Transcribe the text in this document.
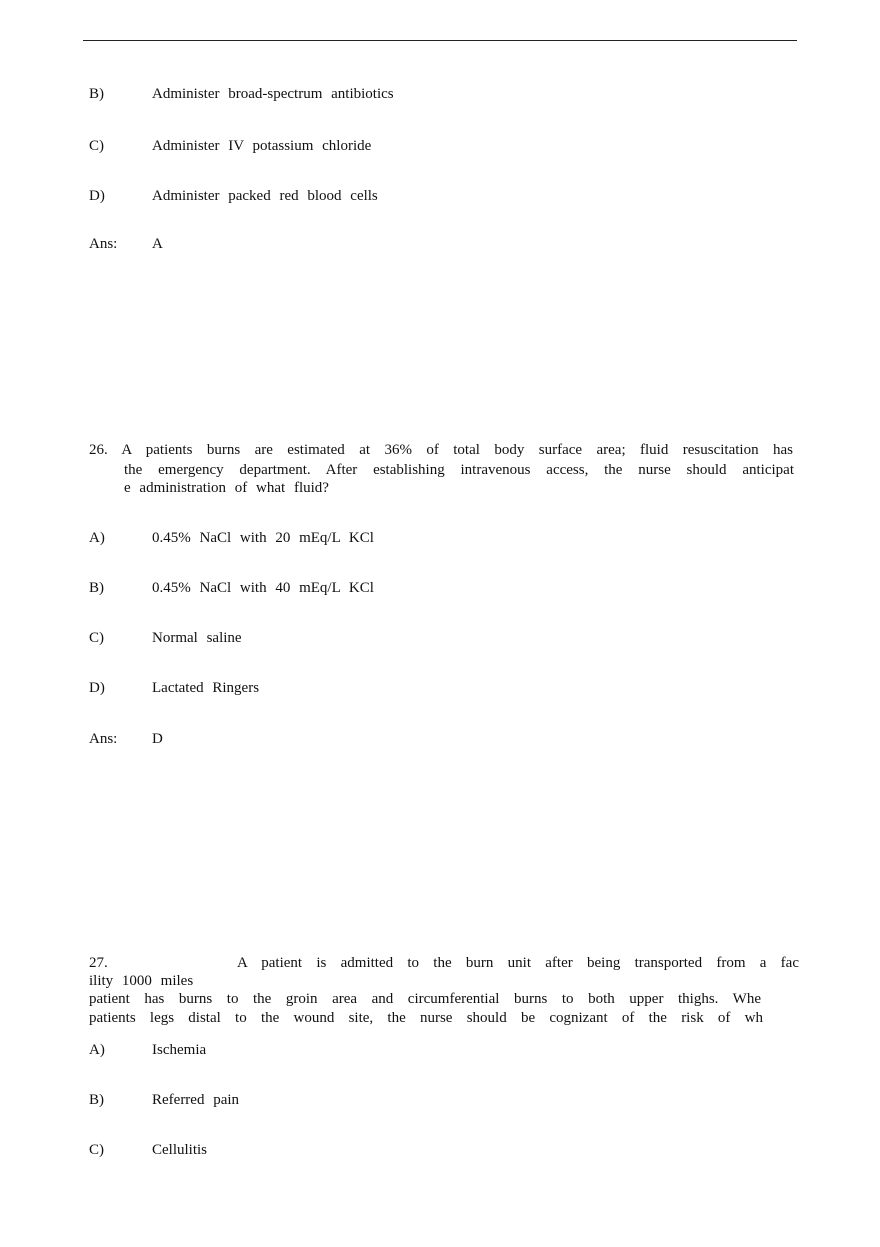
B)	Administer broad-spectrum antibiotics
C)	Administer IV potassium chloride
D)	Administer packed red blood cells
Ans: A
26. A patients burns are estimated at 36% of total body surface area; fluid resuscitation has
the emergency department. After establishing intravenous access, the nurse should anticipat
e administration of what fluid?
A)	0.45% NaCl with 20 mEq/L KCl
B)	0.45% NaCl with 40 mEq/L KCl
C)	Normal saline
D)	Lactated Ringers
Ans: D
27.	A patient is admitted to the burn unit after being transported from a fac
ility 1000 miles
patient has burns to the groin area and circumferential burns to both upper thighs. Whe
patients legs distal to the wound site, the nurse should be cognizant of the risk of wh
A)	Ischemia
B)	Referred pain
C)	Cellulitis
